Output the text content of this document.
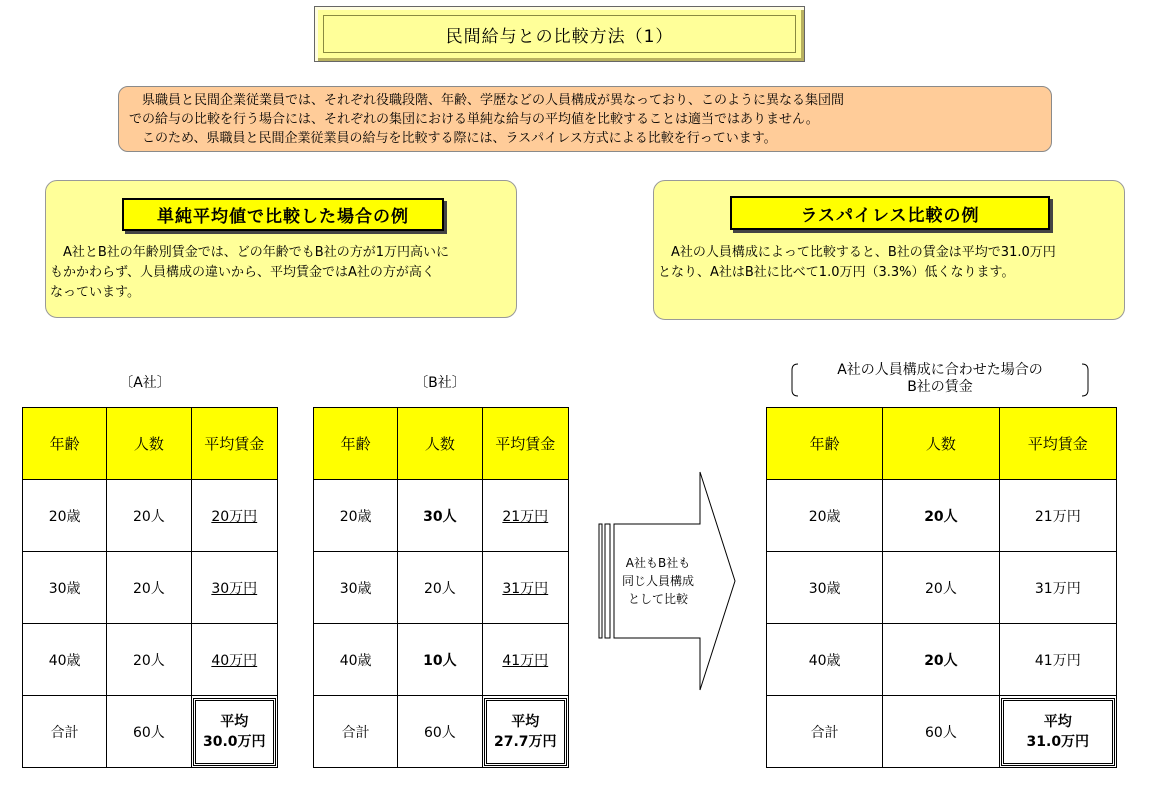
民間給与との比較方法（1）

　県職員と民間企業従業員では、それぞれ役職段階、年齢、学歴などの人員構成が異なっており、このように異なる集団間

での給与の比較を行う場合には、それぞれの集団における単純な給与の平均値を比較することは適当ではありません。

　このため、県職員と民間企業従業員の給与を比較する際には、ラスパイレス方式による比較を行っています。

単純平均値で比較した場合の例
　A社とB社の年齢別賃金では、どの年齢でもB社の方が1万円高いに
もかかわらず、人員構成の違いから、平均賃金ではA社の方が高く
なっています。
ラスパイレス比較の例
　A社の人員構成によって比較すると、B社の賃金は平均で31.0万円
となり、A社はB社に比べて1.0万円（3.3%）低くなります。
〔A社〕	〔B社〕
A社の人員構成に合わせた場合の
B社の賃金
年齢	人数	平均賃金
20歳	20人	20万円
30歳	20人	30万円
40歳	20人	40万円
合計	60人	平均
30.0万円
年齢	人数	平均賃金
20歳	30人	21万円
30歳	20人	31万円
40歳	10人	41万円
合計	60人	平均
27.7万円
A社もB社も
同じ人員構成
として比較
年齢	人数	平均賃金
20歳	20人	21万円
30歳	20人	31万円
40歳	20人	41万円
合計	60人	平均
31.0万円
